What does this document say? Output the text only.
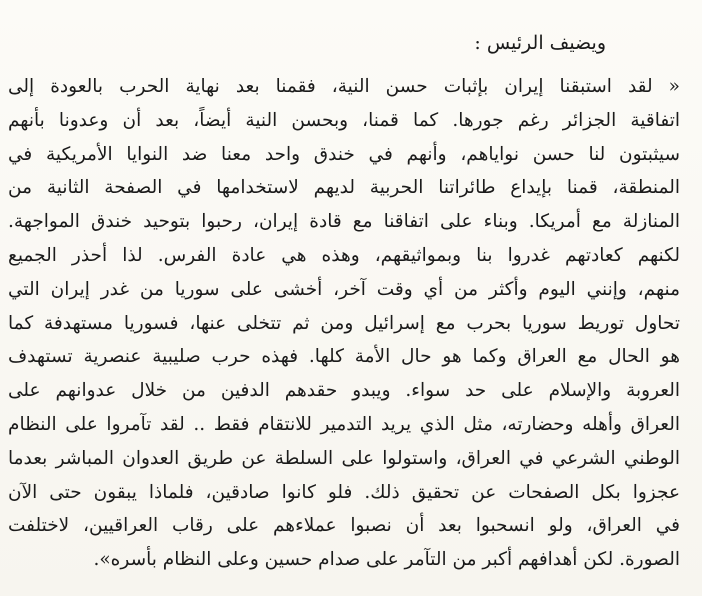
ويضيف الرئيس :
« لقد استبقنا إيران بإثبات حسن النية، فقمنا بعد نهاية الحرب بالعودة إلى
اتفاقية الجزائر رغم جورها. كما قمنا، وبحسن النية أيضاً، بعد أن وعدونا بأنهم
سيثبتون لنا حسن نواياهم، وأنهم في خندق واحد معنا ضد النوايا الأمريكية في
المنطقة، قمنا بإيداع طائراتنا الحربية لديهم لاستخدامها في الصفحة الثانية من
المنازلة مع أمريكا. وبناء على اتفاقنا مع قادة إيران، رحبوا بتوحيد خندق المواجهة.
لكنهم كعادتهم غدروا بنا وبمواثيقهم، وهذه هي عادة الفرس. لذا أحذر الجميع
منهم، وإنني اليوم وأكثر من أي وقت آخر، أخشى على سوريا من غدر إيران التي
تحاول توريط سوريا بحرب مع إسرائيل ومن ثم تتخلى عنها، فسوريا مستهدفة كما
هو الحال مع العراق وكما هو حال الأمة كلها. فهذه حرب صليبية عنصرية تستهدف
العروبة والإسلام على حد سواء. ويبدو حقدهم الدفين من خلال عدوانهم على
العراق وأهله وحضارته، مثل الذي يريد التدمير للانتقام فقط .. لقد تآمروا على النظام
الوطني الشرعي في العراق، واستولوا على السلطة عن طريق العدوان المباشر بعدما
عجزوا بكل الصفحات عن تحقيق ذلك. فلو كانوا صادقين، فلماذا يبقون حتى الآن
في العراق، ولو انسحبوا بعد أن نصبوا عملاءهم على رقاب العراقيين، لاختلفت
الصورة. لكن أهدافهم أكبر من التآمر على صدام حسين وعلى النظام بأسره».
